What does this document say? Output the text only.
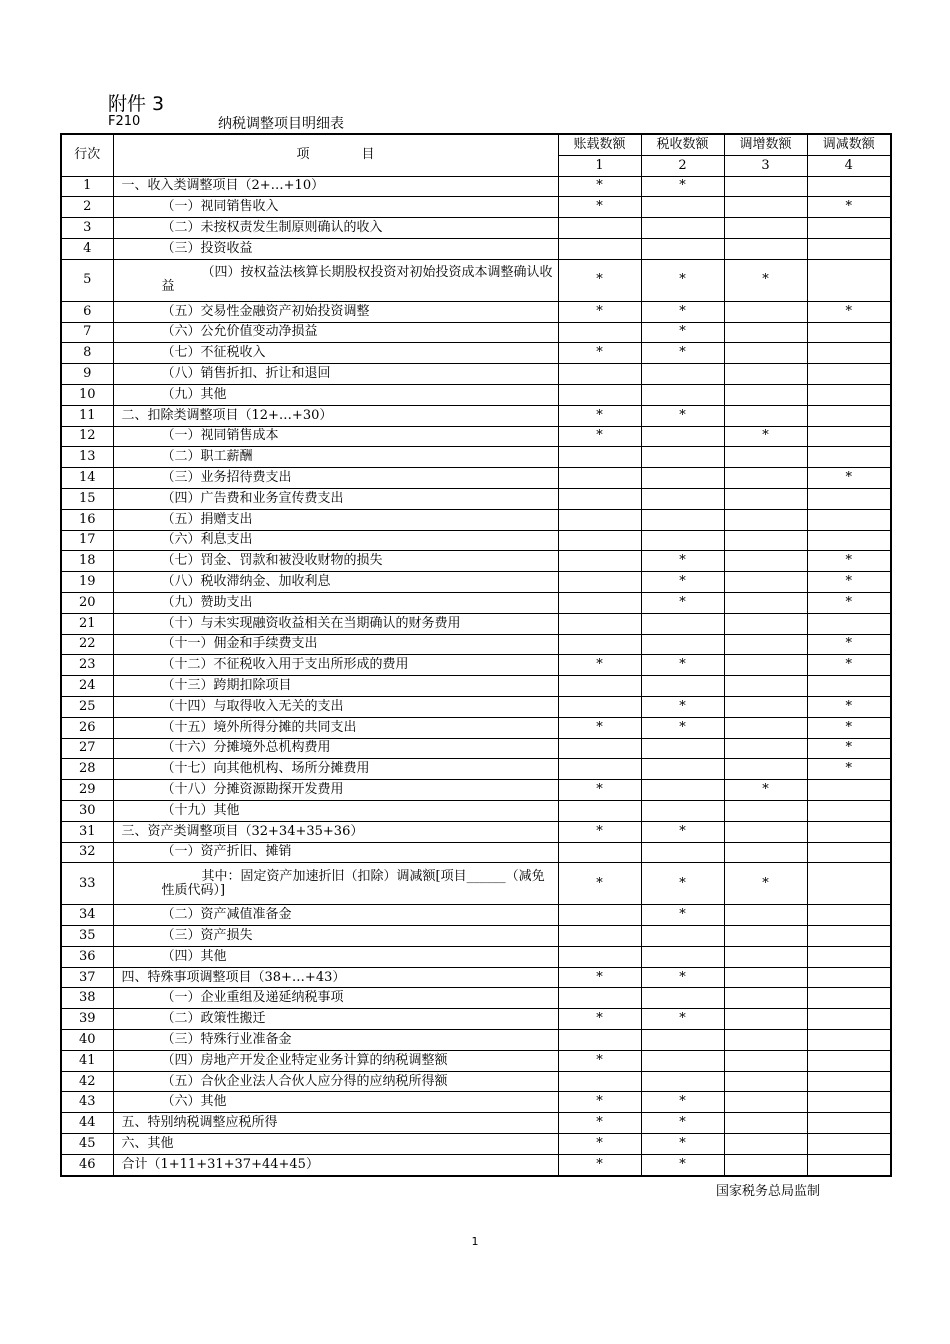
附件 3
F210	纳税调整项目明细表
行次	项　　　　目	账载数额	税收数额	调增数额	调减数额
		1	2	3	4
1	一、收入类调整项目（2+…+10）	*	*		
2	（一）视同销售收入	*			*
3	（二）未按权责发生制原则确认的收入				
4	（三）投资收益				
5	（四）按权益法核算长期股权投资对初始投资成本调整确认收益	*	*	*	
6	（五）交易性金融资产初始投资调整	*	*		*
7	（六）公允价值变动净损益		*		
8	（七）不征税收入	*	*		
9	（八）销售折扣、折让和退回				
10	（九）其他				
11	二、扣除类调整项目（12+…+30）	*	*		
12	（一）视同销售成本	*		*	
13	（二）职工薪酬				
14	（三）业务招待费支出				*
15	（四）广告费和业务宣传费支出				
16	（五）捐赠支出				
17	（六）利息支出				
18	（七）罚金、罚款和被没收财物的损失		*		*
19	（八）税收滞纳金、加收利息		*		*
20	（九）赞助支出		*		*
21	（十）与未实现融资收益相关在当期确认的财务费用				
22	（十一）佣金和手续费支出				*
23	（十二）不征税收入用于支出所形成的费用	*	*		*
24	（十三）跨期扣除项目				
25	（十四）与取得收入无关的支出		*		*
26	（十五）境外所得分摊的共同支出	*	*		*
27	（十六）分摊境外总机构费用				*
28	（十七）向其他机构、场所分摊费用				*
29	（十八）分摊资源勘探开发费用	*		*	
30	（十九）其他				
31	三、资产类调整项目（32+34+35+36）	*	*		
32	（一）资产折旧、摊销				
33	其中：固定资产加速折旧（扣除）调减额[项目______（减免性质代码）]	*	*	*	
34	（二）资产减值准备金		*		
35	（三）资产损失				
36	（四）其他				
37	四、特殊事项调整项目（38+…+43）	*	*		
38	（一）企业重组及递延纳税事项				
39	（二）政策性搬迁	*	*		
40	（三）特殊行业准备金				
41	（四）房地产开发企业特定业务计算的纳税调整额	*			
42	（五）合伙企业法人合伙人应分得的应纳税所得额				
43	（六）其他	*	*		
44	五、特别纳税调整应税所得	*	*		
45	六、其他	*	*		
46	合计（1+11+31+37+44+45）	*	*		
国家税务总局监制
1
